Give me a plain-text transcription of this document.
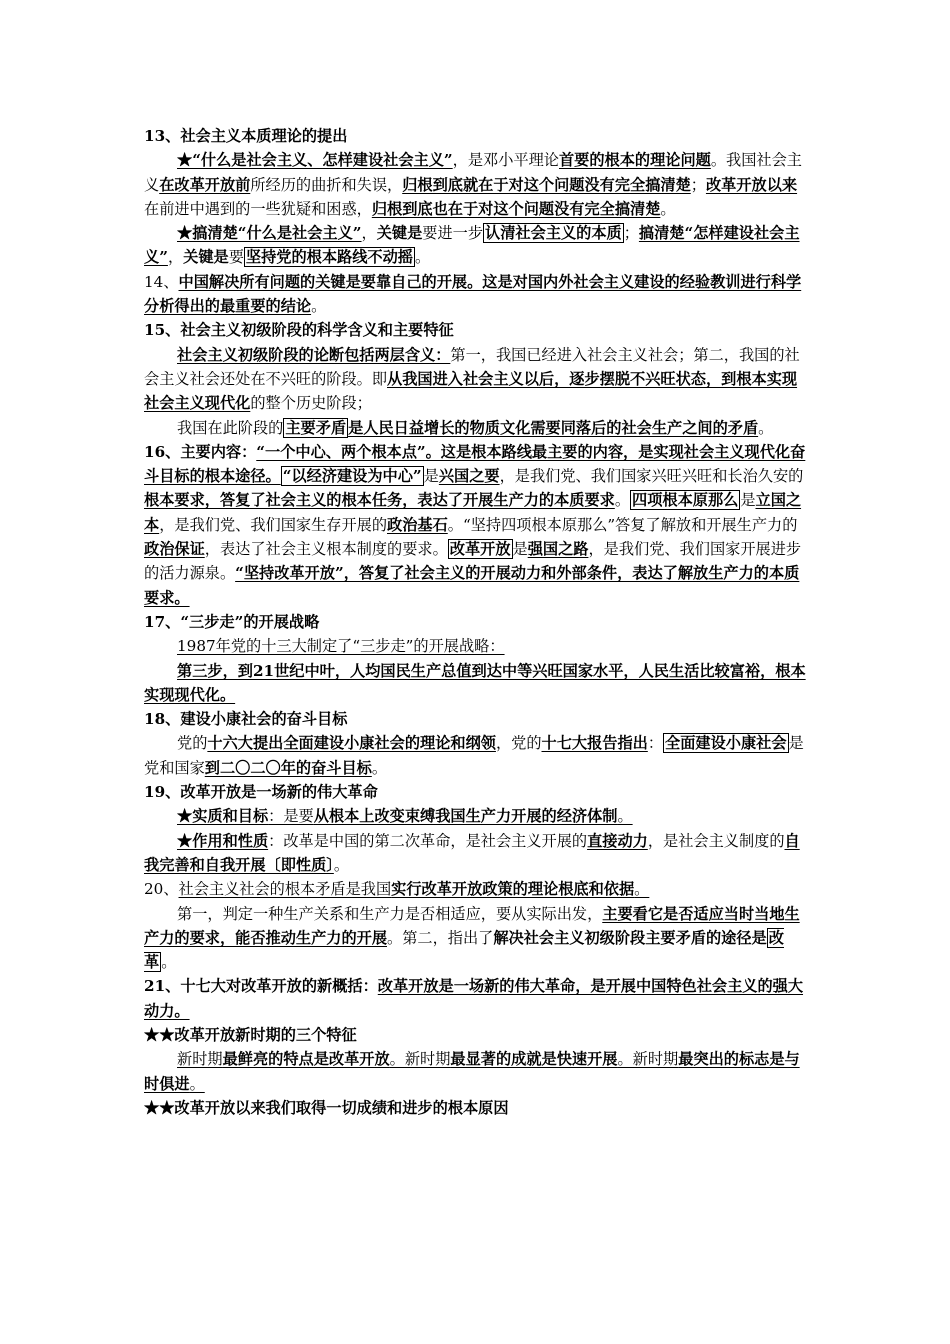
13、社会主义本质理论的提出

★“什么是社会主义、怎样建设社会主义”，是邓小平理论首要的根本的理论问题。我国社会主义在改革开放前所经历的曲折和失误，归根到底就在于对这个问题没有完全搞清楚；改革开放以来在前进中遇到的一些犹疑和困惑，归根到底也在于对这个问题没有完全搞清楚。

★搞清楚“什么是社会主义”，关键是要进一步 认清社会主义的本质 ；搞清楚“怎样建设社会主义”，关键是要 坚持党的根本路线不动摇 。

14、中国解决所有问题的关键是要靠自己的开展。这是对国内外社会主义建设的经验教训进行科学分析得出的最重要的结论。

15、社会主义初级阶段的科学含义和主要特征

社会主义初级阶段的论断包括两层含义：第一，我国已经进入社会主义社会；第二，我国的社会主义社会还处在不兴旺的阶段。即从我国进入社会主义以后，逐步摆脱不兴旺状态，到根本实现社会主义现代化的整个历史阶段；

我国在此阶段的 主要矛盾 是人民日益增长的物质文化需要同落后的社会生产之间的矛盾。

16、主要内容：“一个中心、两个根本点”。这是根本路线最主要的内容，是实现社会主义现代化奋斗目标的根本途径。 “以经济建设为中心” 是兴国之要，是我们党、我们国家兴旺兴旺和长治久安的根本要求，答复了社会主义的根本任务，表达了开展生产力的本质要求。 四项根本原那么 是立国之本，是我们党、我们国家生存开展的政治基石。“坚持四项根本原那么”答复了解放和开展生产力的政治保证，表达了社会主义根本制度的要求。 改革开放 是强国之路，是我们党、我们国家开展进步的活力源泉。“坚持改革开放”，答复了社会主义的开展动力和外部条件，表达了解放生产力的本质要求。

17、“三步走”的开展战略

1987年党的十三大制定了“三步走”的开展战略：

第三步，到21世纪中叶，人均国民生产总值到达中等兴旺国家水平，人民生活比较富裕，根本实现现代化。

18、建设小康社会的奋斗目标

党的十六大提出全面建设小康社会的理论和纲领，党的十七大报告指出： 全面建设小康社会 是党和国家到二〇二〇年的奋斗目标。

19、改革开放是一场新的伟大革命

★实质和目标：是要从根本上改变束缚我国生产力开展的经济体制。

★作用和性质：改革是中国的第二次革命，是社会主义开展的直接动力，是社会主义制度的自我完善和自我开展〔即性质〕。

20、社会主义社会的根本矛盾是我国实行改革开放政策的理论根底和依据。

第一，判定一种生产关系和生产力是否相适应，要从实际出发，主要看它是否适应当时当地生产力的要求，能否推动生产力的开展。第二，指出了解决社会主义初级阶段主要矛盾的途径是 改革 。

21、十七大对改革开放的新概括：改革开放是一场新的伟大革命，是开展中国特色社会主义的强大动力。

★★改革开放新时期的三个特征

新时期最鲜亮的特点是改革开放。新时期最显著的成就是快速开展。新时期最突出的标志是与时俱进。

★★改革开放以来我们取得一切成绩和进步的根本原因
